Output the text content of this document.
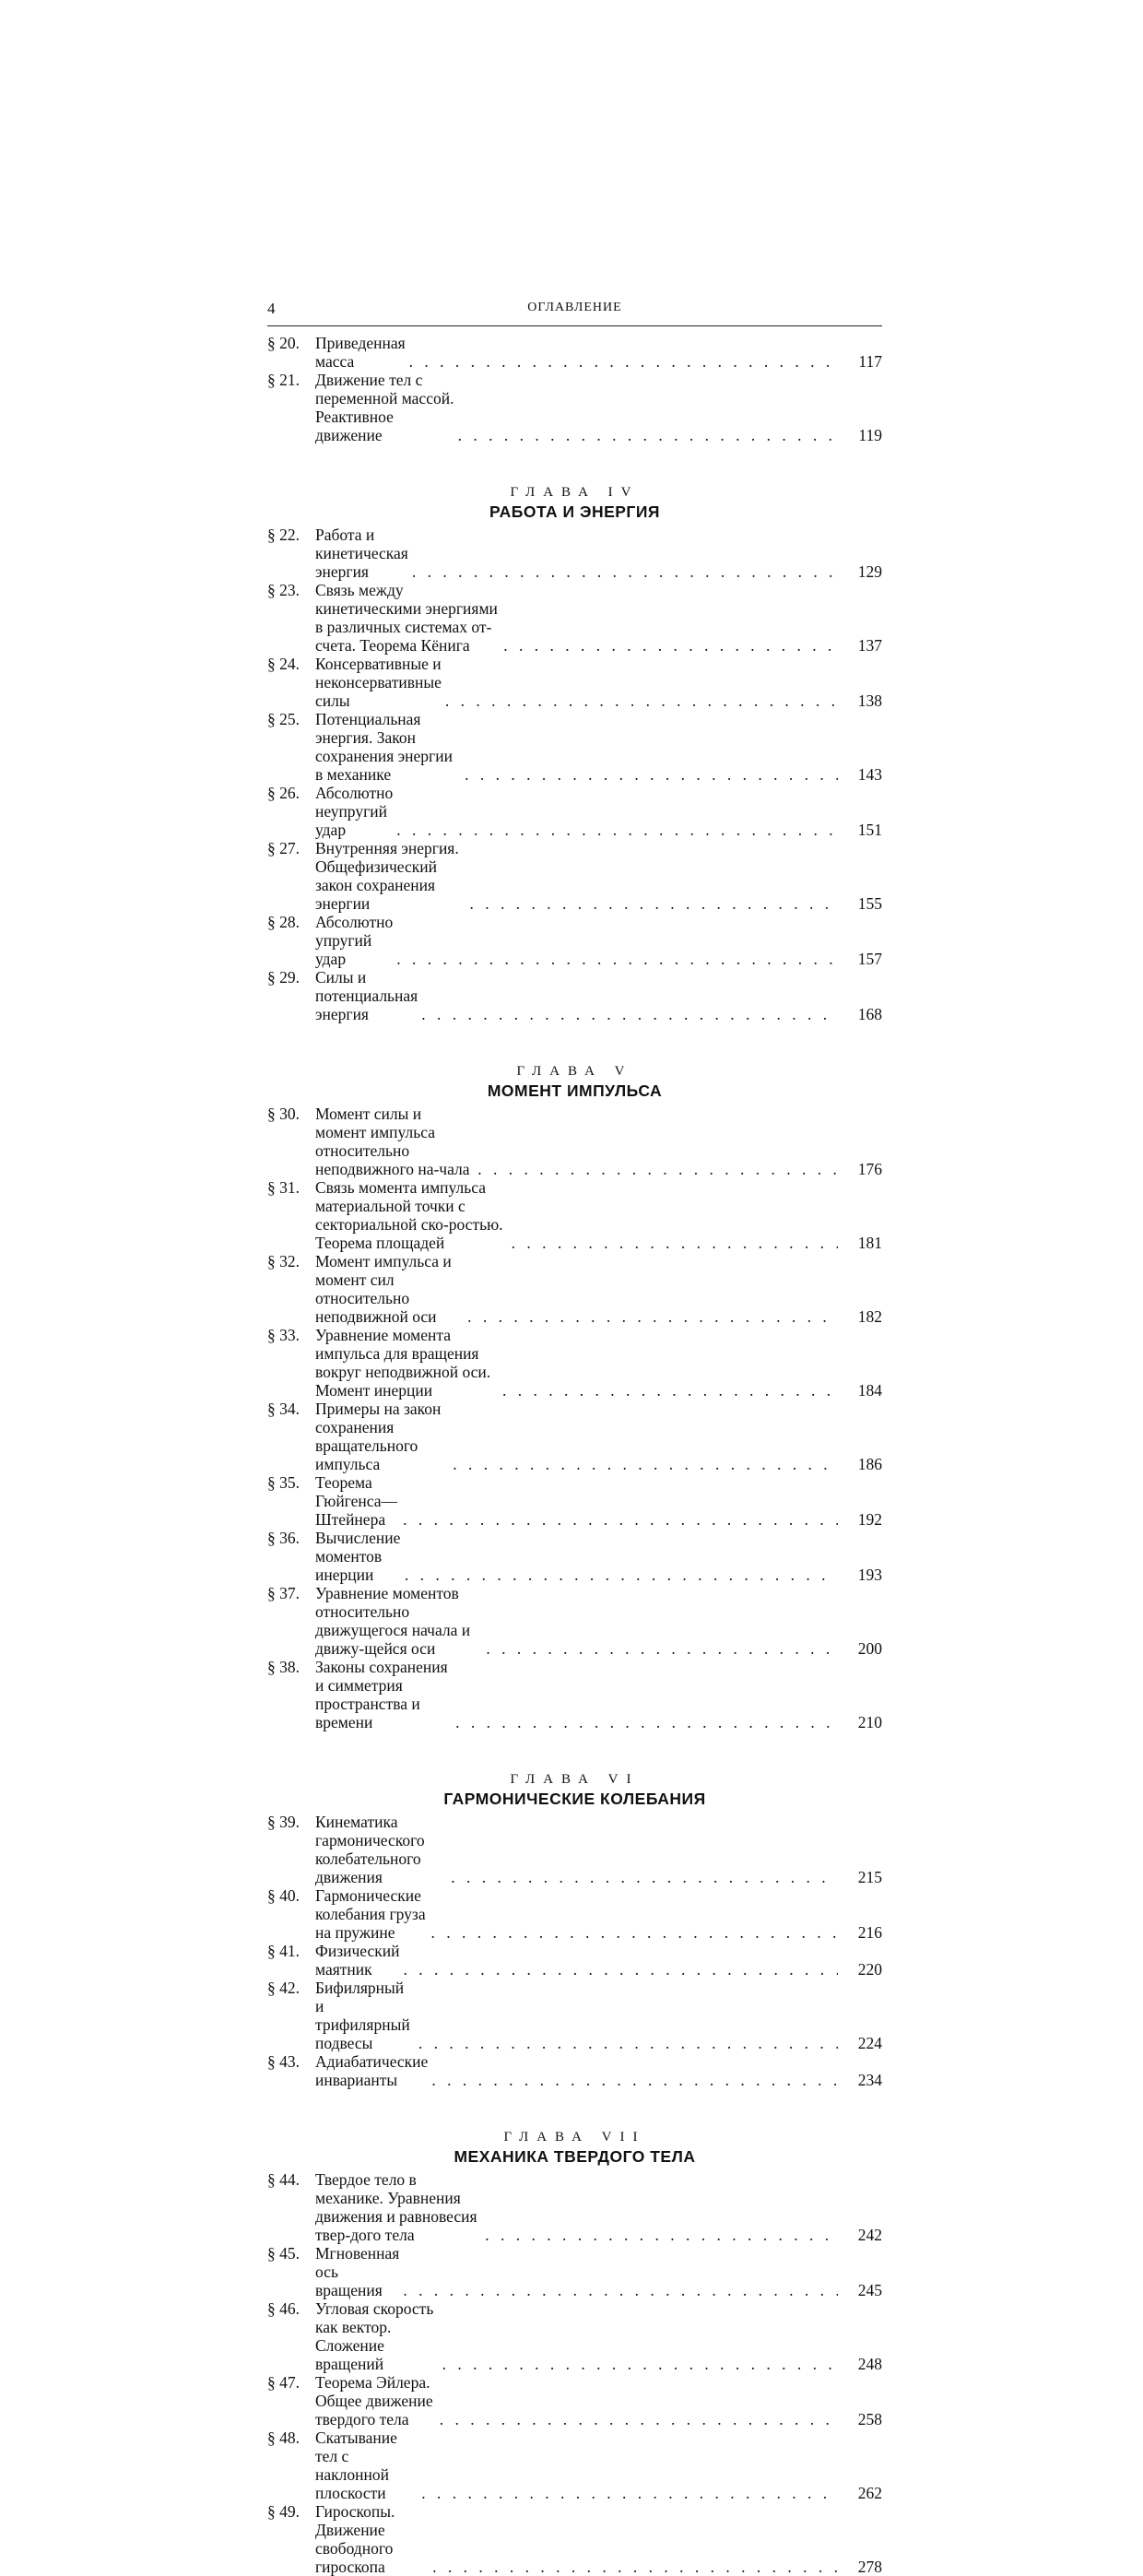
4	ОГЛАВЛЕНИЕ
§ 20. Приведенная масса . . .	117
§ 21. Движение тел с переменной массой. Реактивное движение . . .	119
ГЛАВА IV
РАБОТА И ЭНЕРГИЯ
§ 22. Работа и кинетическая энергия . . .	129
§ 23. Связь между кинетическими энергиями в различных системах от-счета. Теорема Кёнига . . .	137
§ 24. Консервативные и неконсервативные силы . . .	138
§ 25. Потенциальная энергия. Закон сохранения энергии в механике . . .	143
§ 26. Абсолютно неупругий удар . . .	151
§ 27. Внутренняя энергия. Общефизический закон сохранения энергии . . .	155
§ 28. Абсолютно упругий удар . . .	157
§ 29. Силы и потенциальная энергия . . .	168
ГЛАВА V
МОМЕНТ ИМПУЛЬСА
§ 30. Момент силы и момент импульса относительно неподвижного на-чала . . .	176
§ 31. Связь момента импульса материальной точки с секториальной ско-ростью. Теорема площадей . . .	181
§ 32. Момент импульса и момент сил относительно неподвижной оси . . .	182
§ 33. Уравнение момента импульса для вращения вокруг неподвижной оси. Момент инерции . . .	184
§ 34. Примеры на закон сохранения вращательного импульса . . .	186
§ 35. Теорема Гюйгенса—Штейнера . . .	192
§ 36. Вычисление моментов инерции . . .	193
§ 37. Уравнение моментов относительно движущегося начала и движу-щейся оси . . .	200
§ 38. Законы сохранения и симметрия пространства и времени . . .	210
ГЛАВА VI
ГАРМОНИЧЕСКИЕ КОЛЕБАНИЯ
§ 39. Кинематика гармонического колебательного движения . . .	215
§ 40. Гармонические колебания груза на пружине . . .	216
§ 41. Физический маятник . . .	220
§ 42. Бифилярный и трифилярный подвесы . . .	224
§ 43. Адиабатические инварианты . . .	234
ГЛАВА VII
МЕХАНИКА ТВЕРДОГО ТЕЛА
§ 44. Твердое тело в механике. Уравнения движения и равновесия твер-дого тела . . .	242
§ 45. Мгновенная ось вращения . . .	245
§ 46. Угловая скорость как вектор. Сложение вращений . . .	248
§ 47. Теорема Эйлера. Общее движение твердого тела . . .	258
§ 48. Скатывание тел с наклонной плоскости . . .	262
§ 49. Гироскопы. Движение свободного гироскопа . . .	278
